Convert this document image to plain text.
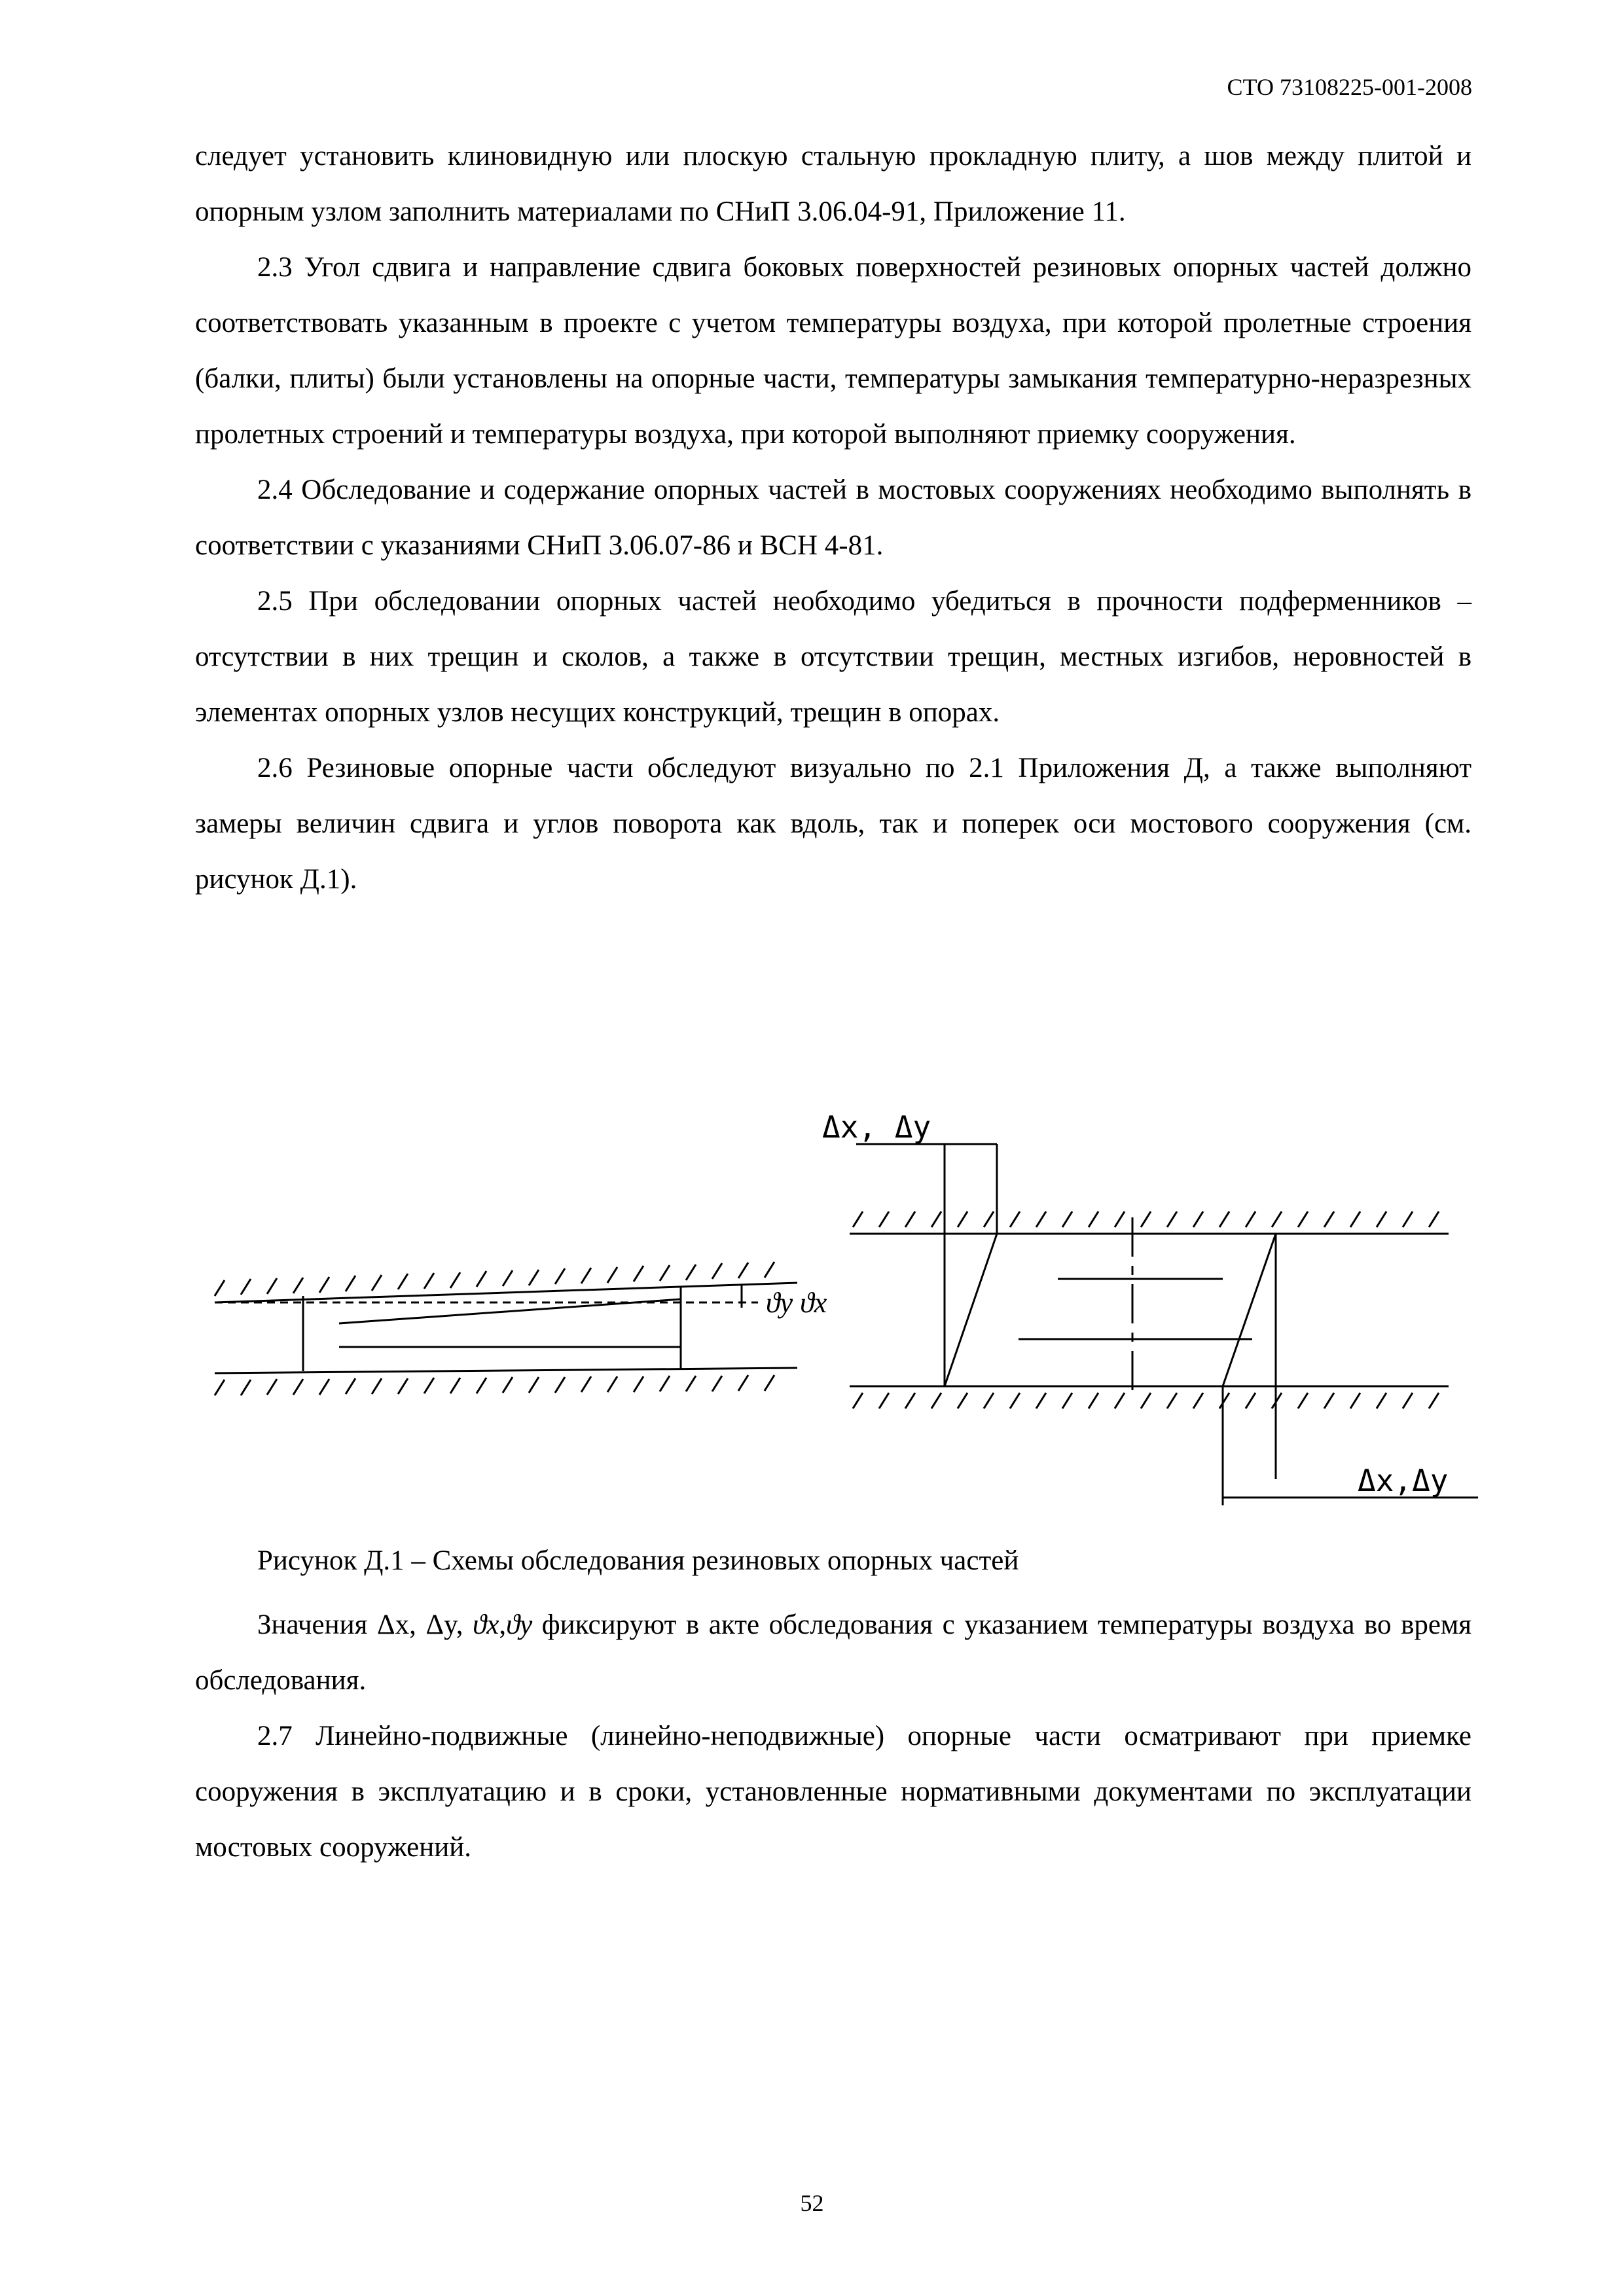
СТО 73108225-001-2008

следует установить клиновидную или плоскую стальную прокладную плиту, а шов между плитой и опорным узлом заполнить материалами по СНиП 3.06.04-91, Приложение 11.

2.3 Угол сдвига и направление сдвига боковых поверхностей резиновых опорных частей должно соответствовать указанным в проекте с учетом температуры воздуха, при которой пролетные строения (балки, плиты) были установлены на опорные части, температуры замыкания температурно-неразрезных пролетных строений и температуры воздуха, при которой выполняют приемку сооружения.

2.4 Обследование и содержание опорных частей в мостовых сооружениях необходимо выполнять в соответствии с указаниями СНиП 3.06.07-86 и ВСН 4-81.

2.5 При обследовании опорных частей необходимо убедиться в прочности подферменников – отсутствии в них трещин и сколов, а также в отсутствии трещин, местных изгибов, неровностей в элементах опорных узлов несущих конструкций, трещин в опорах.

2.6 Резиновые опорные части обследуют визуально по 2.1 Приложения Д, а также выполняют замеры величин сдвига и углов поворота как вдоль, так и поперек оси мостового сооружения (см. рисунок Д.1).

ϑy ϑx
Δx, Δy
Δx,Δy
Рисунок Д.1 – Схемы обследования резиновых опорных частей

Значения Δx, Δy, ϑx,ϑy фиксируют в акте обследования с указанием температуры воздуха во время обследования.

2.7 Линейно-подвижные (линейно-неподвижные) опорные части осматривают при приемке сооружения в эксплуатацию и в сроки, установленные нормативными документами по эксплуатации мостовых сооружений.

52
